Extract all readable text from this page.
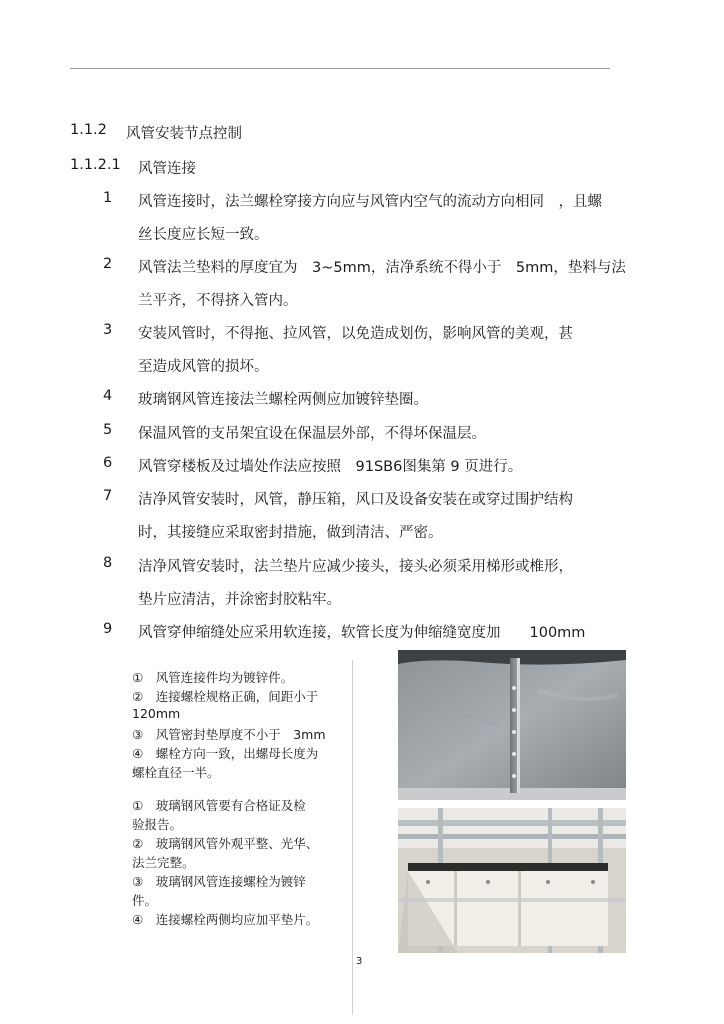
1.1.2 风管安装节点控制
1.1.2.1 风管连接
1 风管连接时，法兰螺栓穿接方向应与风管内空气的流动方向相同　，且螺
丝长度应长短一致。
2 风管法兰垫料的厚度宜为　3~5mm，洁净系统不得小于　5mm，垫料与法
兰平齐，不得挤入管内。
3 安装风管时，不得拖、拉风管，以免造成划伤，影响风管的美观，甚
至造成风管的损坏。
4 玻璃钢风管连接法兰螺栓两侧应加镀锌垫圈。
5 保温风管的支吊架宜设在保温层外部，不得坏保温层。
6 风管穿楼板及过墙处作法应按照　91SB6图集第 9 页进行。
7 洁净风管安装时，风管，静压箱，风口及设备安装在或穿过围护结构
时，其接缝应采取密封措施，做到清洁、严密。
8 洁净风管安装时，法兰垫片应减少接头，接头必须采用梯形或椎形，
垫片应清洁，并涂密封胶粘牢。
9 风管穿伸缩缝处应采用软连接，软管长度为伸缩缝宽度加　　100mm
①　风管连接件均为镀锌件。
②　连接螺栓规格正确，间距小于
120mm
③　风管密封垫厚度不小于　3mm
④　螺栓方向一致，出螺母长度为
螺栓直径一半。
①　玻璃钢风管要有合格证及检
验报告。
②　玻璃钢风管外观平整、光华、
法兰完整。
③　玻璃钢风管连接螺栓为镀锌
件。
④　连接螺栓两侧均应加平垫片。
3
